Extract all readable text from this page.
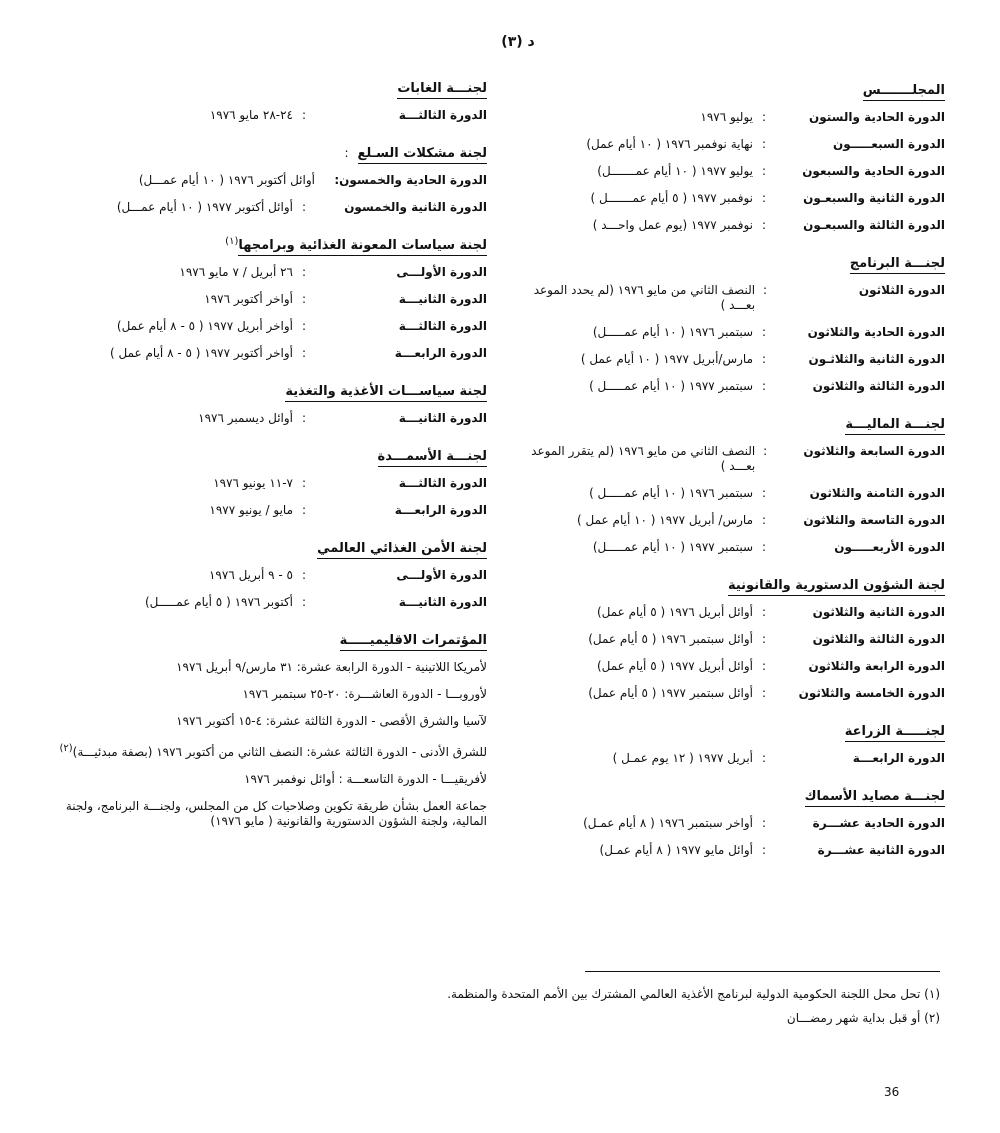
د (٣)
المجلـــــــس
الدورة الحادية والستون
:
يوليو ١٩٧٦
الدورة السبعـــــون
:
نهاية نوفمبر ١٩٧٦ ( ١٠ أيام عمل)
الدورة الحادية والسبعون
:
يوليو ١٩٧٧ ( ١٠ أيام عمـــــــل)
الدورة الثانية والسبعـون
:
نوفمبر ١٩٧٧ ( ٥ أيام عمـــــــل )
الدورة الثالثة والسبعـون
:
نوفمبر ١٩٧٧ (يوم عمل واحـــد )
لجنـــة البرنامج
الدورة الثلاثون
:
النصف الثاني من مايو ١٩٧٦ (لم يحدد الموعد بعـــد )
الدورة الحادية والثلاثون
:
سبتمبر ١٩٧٦ ( ١٠ أيام عمـــــل)
الدورة الثانية والثلاثـون
:
مارس/أبريل ١٩٧٧ ( ١٠ أيام عمل )
الدورة الثالثة والثلاثون
:
سبتمبر ١٩٧٧ ( ١٠ أيام عمـــــل )
لجنـــة الماليـــة
الدورة السابعة والثلاثون
:
النصف الثاني من مايو ١٩٧٦ (لم يتقرر الموعد بعـــد )
الدورة الثامنة والثلاثون
:
سبتمبر ١٩٧٦ ( ١٠ أيام عمـــــل )
الدورة التاسعة والثلاثون
:
مارس/ أبريل ١٩٧٧ ( ١٠ أيام عمل )
الدورة الأربعـــــون
:
سبتمبر ١٩٧٧ ( ١٠ أيام عمـــــل)
لجنة الشؤون الدستورية والقانونية
الدورة الثانية والثلاثون
:
أوائل أبريل ١٩٧٦ ( ٥ أيام عمل)
الدورة الثالثة والثلاثون
:
أوائل سبتمبر ١٩٧٦ ( ٥ أيام عمل)
الدورة الرابعة والثلاثون
:
أوائل أبريل ١٩٧٧ ( ٥ أيام عمل)
الدورة الخامسة والثلاثون
:
أوائل سبتمبر ١٩٧٧ ( ٥ أيام عمل)
لجنـــــة الزراعة
الدورة الرابعـــة
:
أبريل ١٩٧٧ ( ١٢ يوم عمـل )
لجنـــة مصايد الأسماك
الدورة الحادية عشـــرة
:
أواخر سبتمبر ١٩٧٦ ( ٨ أيام عمـل)
الدورة الثانية عشـــرة
:
أوائل مايو ١٩٧٧ ( ٨ أيام عمـل)
لجنـــة الغابات
الدورة الثالثـــة
:
٢٤-٢٨ مايو ١٩٧٦
لجنة مشكلات السـلع:
الدورة الحادية والخمسون:
أوائل أكتوبر ١٩٧٦ ( ١٠ أيام عمـــل)
الدورة الثانية والخمسون
:
أوائل أكتوبر ١٩٧٧ ( ١٠ أيام عمـــل)
لجنة سياسات المعونة الغذائية وبرامجها$^{(١)}$
الدورة الأولـــى
:
٢٦ أبريل / ٧ مايو ١٩٧٦
الدورة الثانيـــة
:
أواخر أكتوبر ١٩٧٦
الدورة الثالثـــة
:
أواخر أبريل ١٩٧٧ ( ٥ - ٨ أيام عمل)
الدورة الرابعـــة
:
أواخر أكتوبر ١٩٧٧ ( ٥ - ٨ أيام عمل )
لجنة سياســـات الأغذية والتغذية
الدورة الثانيـــة
:
أوائل ديسمبر ١٩٧٦
لجنـــة الأسمـــدة
الدورة الثالثـــة
:
٧-١١ يونيو ١٩٧٦
الدورة الرابعـــة
:
مايو / يونيو ١٩٧٧
لجنة الأمن الغذائي العالمي
الدورة الأولـــى
:
٥ - ٩ أبريل ١٩٧٦
الدورة الثانيـــة
:
أكتوبر ١٩٧٦ ( ٥ أيام عمـــــل)
المؤتمرات الاقليميـــــة
لأمريكا اللاتينية - الدورة الرابعة عشرة: ٣١ مارس/٩ أبريل ١٩٧٦
لأوروبـــا - الدورة العاشـــرة: ٢٠-٢٥ سبتمبر ١٩٧٦
لآسيا والشرق الأقصى - الدورة الثالثة عشرة: ٤-١٥ أكتوبر ١٩٧٦
للشرق الأدنى - الدورة الثالثة عشرة: النصف الثاني من أكتوبر ١٩٧٦ (بصفة مبدئيـــة)$^{(٢)}$
لأفريقيـــا - الدورة التاسعـــة : أوائل نوفمبر ١٩٧٦
جماعة العمل بشأن طريقة تكوين وصلاحيات كل من المجلس، ولجنـــة البرنامج، ولجنة المالية، ولجنة الشؤون الدستورية والقانونية ( مايو ١٩٧٦)
(١) تحل محل اللجنة الحكومية الدولية لبرنامج الأغذية العالمي المشترك بين الأمم المتحدة والمنظمة.
(٢) أو قبل بداية شهر رمضـــان
36
